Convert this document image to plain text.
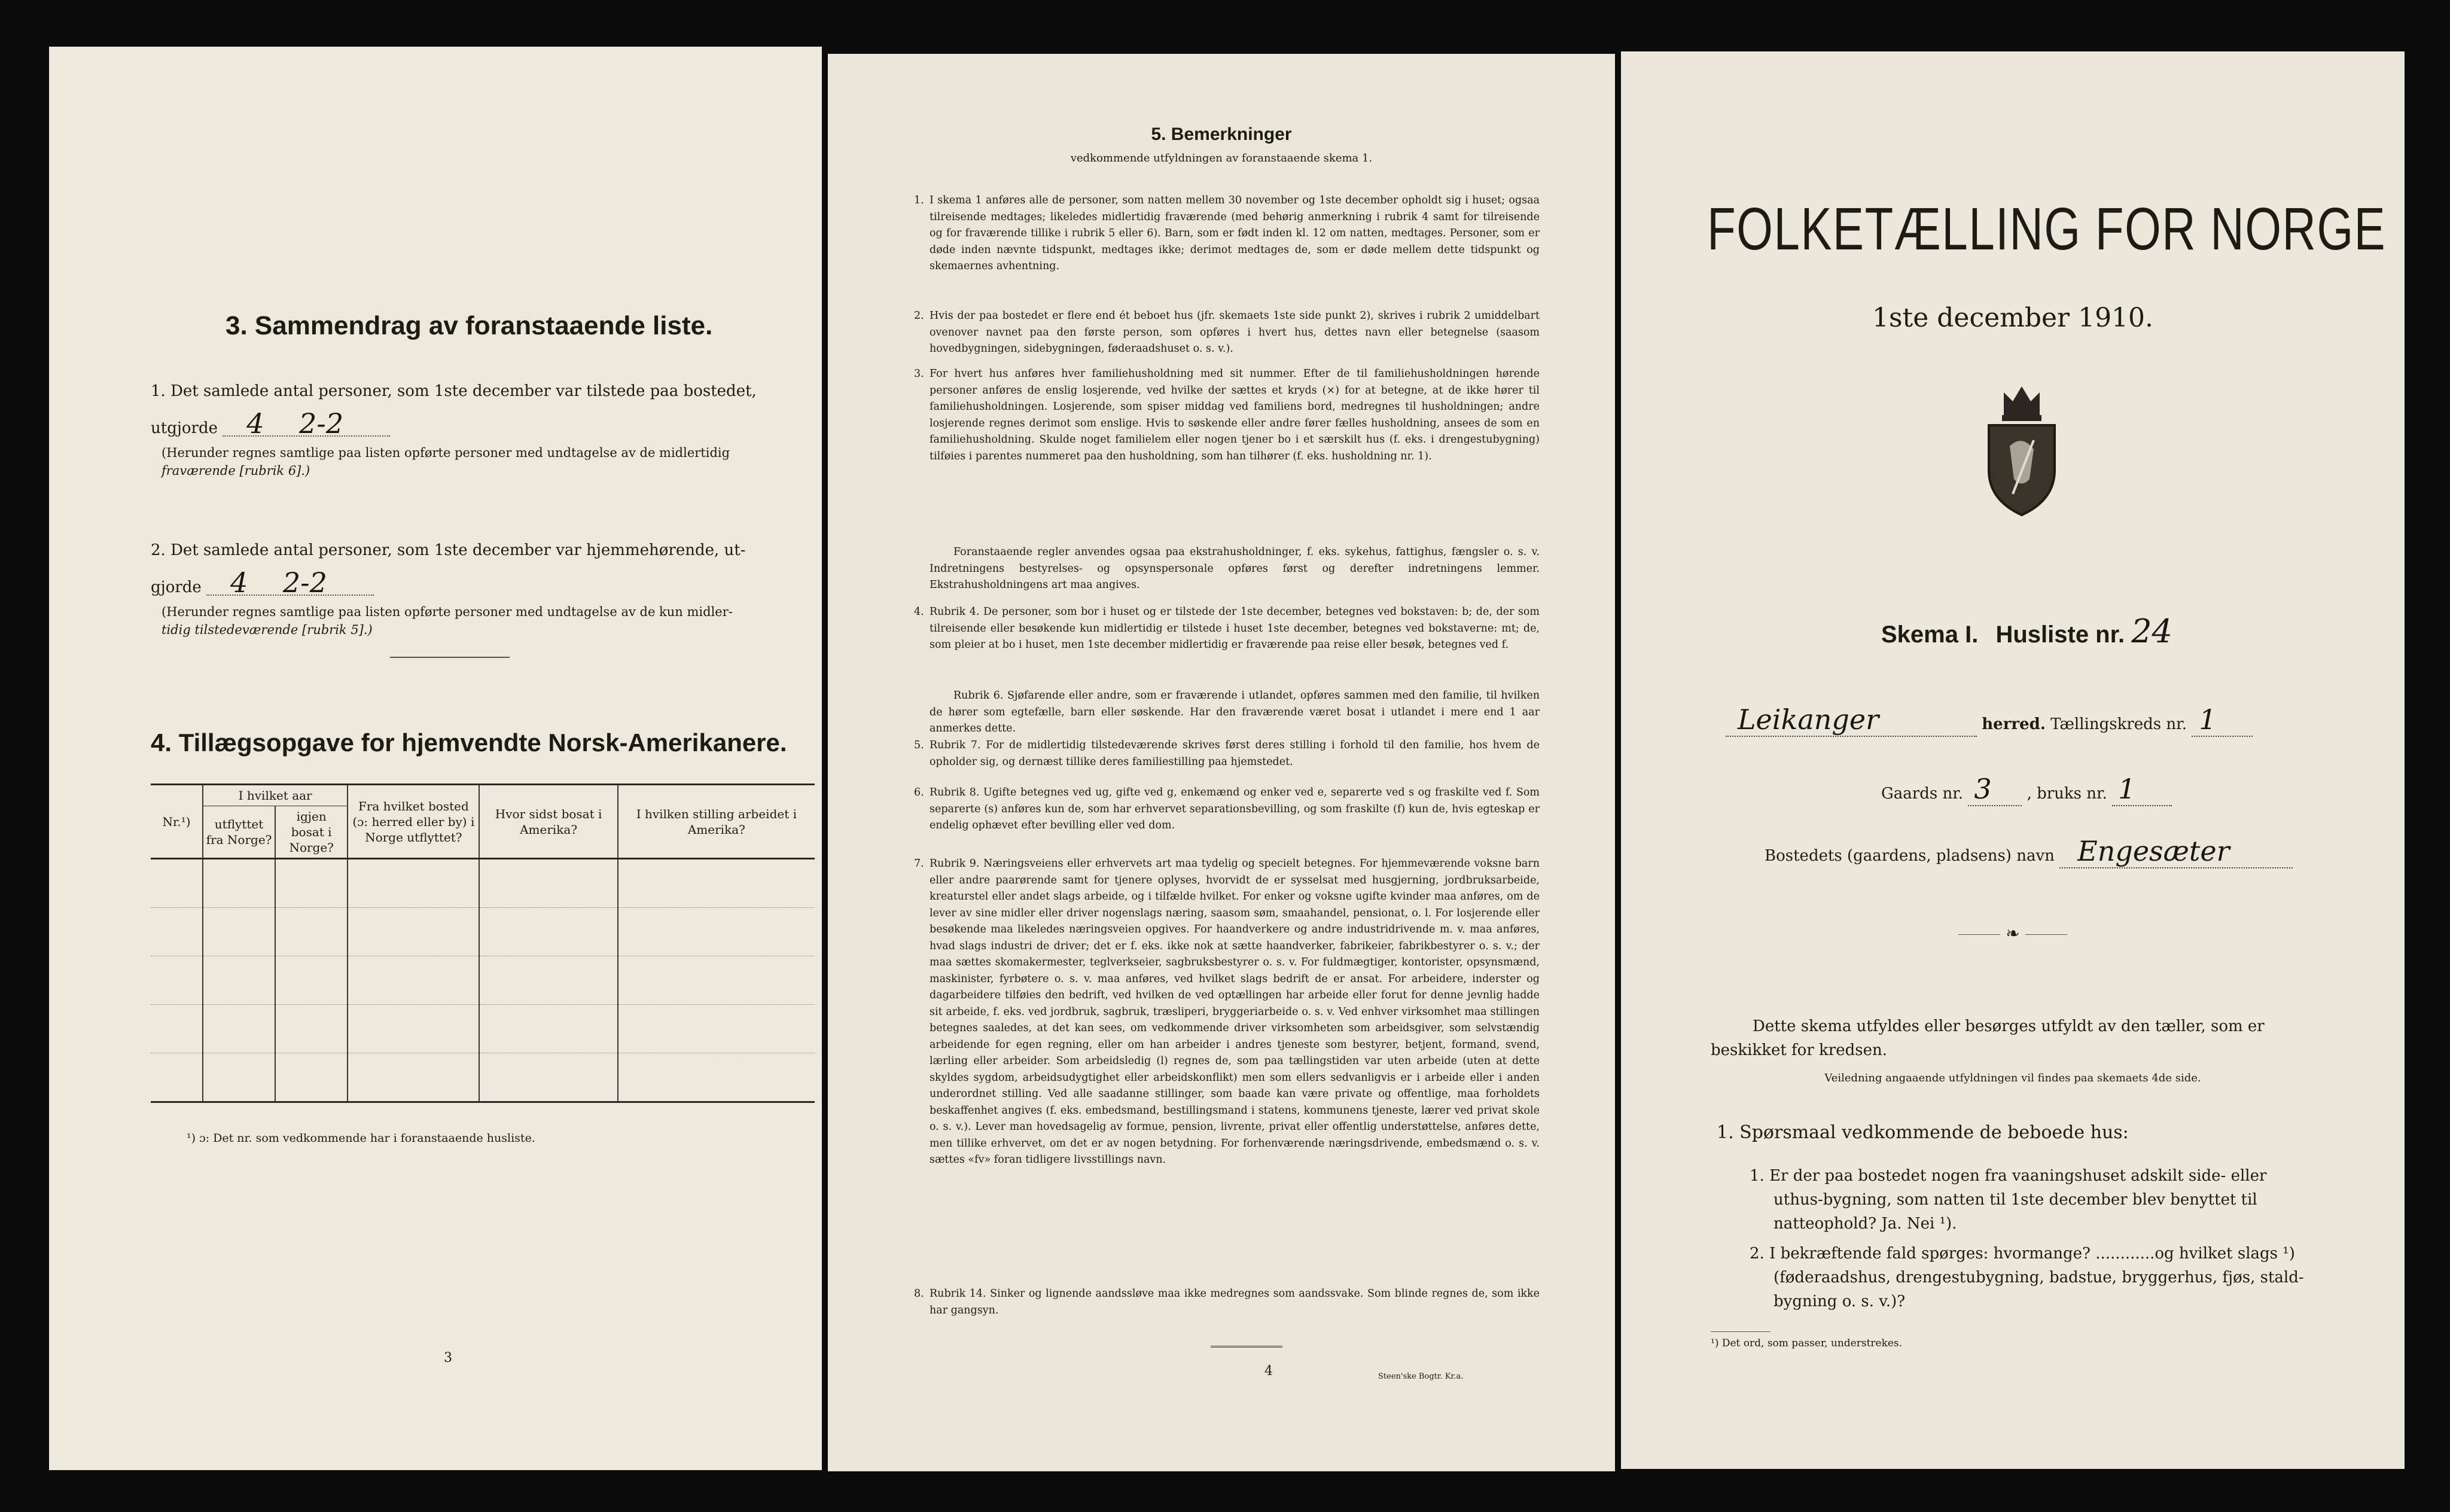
3. Sammendrag av foranstaaende liste.
1. Det samlede antal personer, som 1ste december var tilstede paa bostedet,
utgjorde 4    2-2
(Herunder regnes samtlige paa listen opførte personer med undtagelse av de midlertidig
fraværende [rubrik 6].)
2. Det samlede antal personer, som 1ste december var hjemmehørende, ut-
gjorde 4    2-2
(Herunder regnes samtlige paa listen opførte personer med undtagelse av de kun midler-
tidig tilstedeværende [rubrik 5].)
4. Tillægsopgave for hjemvendte Norsk-Amerikanere.
Nr.¹)	I hvilket aar		Fra hvilket bosted (ɔ: herred eller by) i Norge utflyttet?	Hvor sidst bosat i Amerika?	I hvilken stilling arbeidet i Amerika?
	utflyttet fra Norge?	igjen bosat i Norge?			

¹) ɔ: Det nr. som vedkommende har i foranstaaende husliste.
3
5. Bemerkninger
vedkommende utfyldningen av foranstaaende skema 1.
1. I skema 1 anføres alle de personer, som natten mellem 30 november og 1ste december opholdt sig i huset; ogsaa tilreisende medtages; likeledes midlertidig fraværende (med behørig anmerkning i rubrik 4 samt for tilreisende og for fraværende tillike i rubrik 5 eller 6). Barn, som er født inden kl. 12 om natten, medtages. Personer, som er døde inden nævnte tidspunkt, medtages ikke; derimot medtages de, som er døde mellem dette tidspunkt og skemaernes avhentning.
2. Hvis der paa bostedet er flere end ét beboet hus (jfr. skemaets 1ste side punkt 2), skrives i rubrik 2 umiddelbart ovenover navnet paa den første person, som opføres i hvert hus, dettes navn eller betegnelse (saasom hovedbygningen, sidebygningen, føderaadshuset o. s. v.).
3. For hvert hus anføres hver familiehusholdning med sit nummer. Efter de til familiehusholdningen hørende personer anføres de enslig losjerende, ved hvilke der sættes et kryds (×) for at betegne, at de ikke hører til familiehusholdningen. Losjerende, som spiser middag ved familiens bord, medregnes til husholdningen; andre losjerende regnes derimot som enslige. Hvis to søskende eller andre fører fælles husholdning, ansees de som en familiehusholdning. Skulde noget familielem eller nogen tjener bo i et særskilt hus (f. eks. i drengestubygning) tilføies i parentes nummeret paa den husholdning, som han tilhører (f. eks. husholdning nr. 1).
Foranstaaende regler anvendes ogsaa paa ekstrahusholdninger, f. eks. sykehus, fattighus, fængsler o. s. v. Indretningens bestyrelses- og opsynspersonale opføres først og derefter indretningens lemmer. Ekstrahusholdningens art maa angives.
4. Rubrik 4. De personer, som bor i huset og er tilstede der 1ste december, betegnes ved bokstaven: b; de, der som tilreisende eller besøkende kun midlertidig er tilstede i huset 1ste december, betegnes ved bokstaverne: mt; de, som pleier at bo i huset, men 1ste december midlertidig er fraværende paa reise eller besøk, betegnes ved f.
Rubrik 6. Sjøfarende eller andre, som er fraværende i utlandet, opføres sammen med den familie, til hvilken de hører som egtefælle, barn eller søskende. Har den fraværende været bosat i utlandet i mere end 1 aar anmerkes dette.
5. Rubrik 7. For de midlertidig tilstedeværende skrives først deres stilling i forhold til den familie, hos hvem de opholder sig, og dernæst tillike deres familiestilling paa hjemstedet.
6. Rubrik 8. Ugifte betegnes ved ug, gifte ved g, enkemænd og enker ved e, separerte ved s og fraskilte ved f. Som separerte (s) anføres kun de, som har erhvervet separationsbevilling, og som fraskilte (f) kun de, hvis egteskap er endelig ophævet efter bevilling eller ved dom.
7. Rubrik 9. Næringsveiens eller erhvervets art maa tydelig og specielt betegnes. For hjemmeværende voksne barn eller andre paarørende samt for tjenere oplyses, hvorvidt de er sysselsat med husgjerning, jordbruksarbeide, kreaturstel eller andet slags arbeide, og i tilfælde hvilket. For enker og voksne ugifte kvinder maa anføres, om de lever av sine midler eller driver nogenslags næring, saasom søm, smaahandel, pensionat, o. l. For losjerende eller besøkende maa likeledes næringsveien opgives. For haandverkere og andre industridrivende m. v. maa anføres, hvad slags industri de driver; det er f. eks. ikke nok at sætte haandverker, fabrikeier, fabrikbestyrer o. s. v.; der maa sættes skomakermester, teglverkseier, sagbruksbestyrer o. s. v. For fuldmægtiger, kontorister, opsynsmænd, maskinister, fyrbøtere o. s. v. maa anføres, ved hvilket slags bedrift de er ansat. For arbeidere, inderster og dagarbeidere tilføies den bedrift, ved hvilken de ved optællingen har arbeide eller forut for denne jevnlig hadde sit arbeide, f. eks. ved jordbruk, sagbruk, træsliperi, bryggeriarbeide o. s. v. Ved enhver virksomhet maa stillingen betegnes saaledes, at det kan sees, om vedkommende driver virksomheten som arbeidsgiver, som selvstændig arbeidende for egen regning, eller om han arbeider i andres tjeneste som bestyrer, betjent, formand, svend, lærling eller arbeider. Som arbeidsledig (l) regnes de, som paa tællingstiden var uten arbeide (uten at dette skyldes sygdom, arbeidsudygtighet eller arbeidskonflikt) men som ellers sedvanligvis er i arbeide eller i anden underordnet stilling. Ved alle saadanne stillinger, som baade kan være private og offentlige, maa forholdets beskaffenhet angives (f. eks. embedsmand, bestillingsmand i statens, kommunens tjeneste, lærer ved privat skole o. s. v.). Lever man hovedsagelig av formue, pension, livrente, privat eller offentlig understøttelse, anføres dette, men tillike erhvervet, om det er av nogen betydning. For forhenværende næringsdrivende, embedsmænd o. s. v. sættes «fv» foran tidligere livsstillings navn.
8. Rubrik 14. Sinker og lignende aandssløve maa ikke medregnes som aandssvake. Som blinde regnes de, som ikke har gangsyn.
4	Steen'ske Bogtr. Kr.a.
FOLKETÆLLING FOR NORGE
1ste december 1910.
Skema I. Husliste nr. 24
Leikanger	herred. Tællingskreds nr. 1
Gaards nr. 3 , bruks nr. 1
Bostedets (gaardens, pladsens) navn Engesæter
❧
Dette skema utfyldes eller besørges utfyldt av den tæller, som er
beskikket for kredsen.
Veiledning angaaende utfyldningen vil findes paa skemaets 4de side.
1. Spørsmaal vedkommende de beboede hus:
1. Er der paa bostedet nogen fra vaaningshuset adskilt side- eller
uthus-bygning, som natten til 1ste december blev benyttet til
natteophold? Ja. Nei ¹).
2. I bekræftende fald spørges: hvormange? ............og hvilket slags ¹)
(føderaadshus, drengestubygning, badstue, bryggerhus, fjøs, stald-
bygning o. s. v.)?
¹) Det ord, som passer, understrekes.
